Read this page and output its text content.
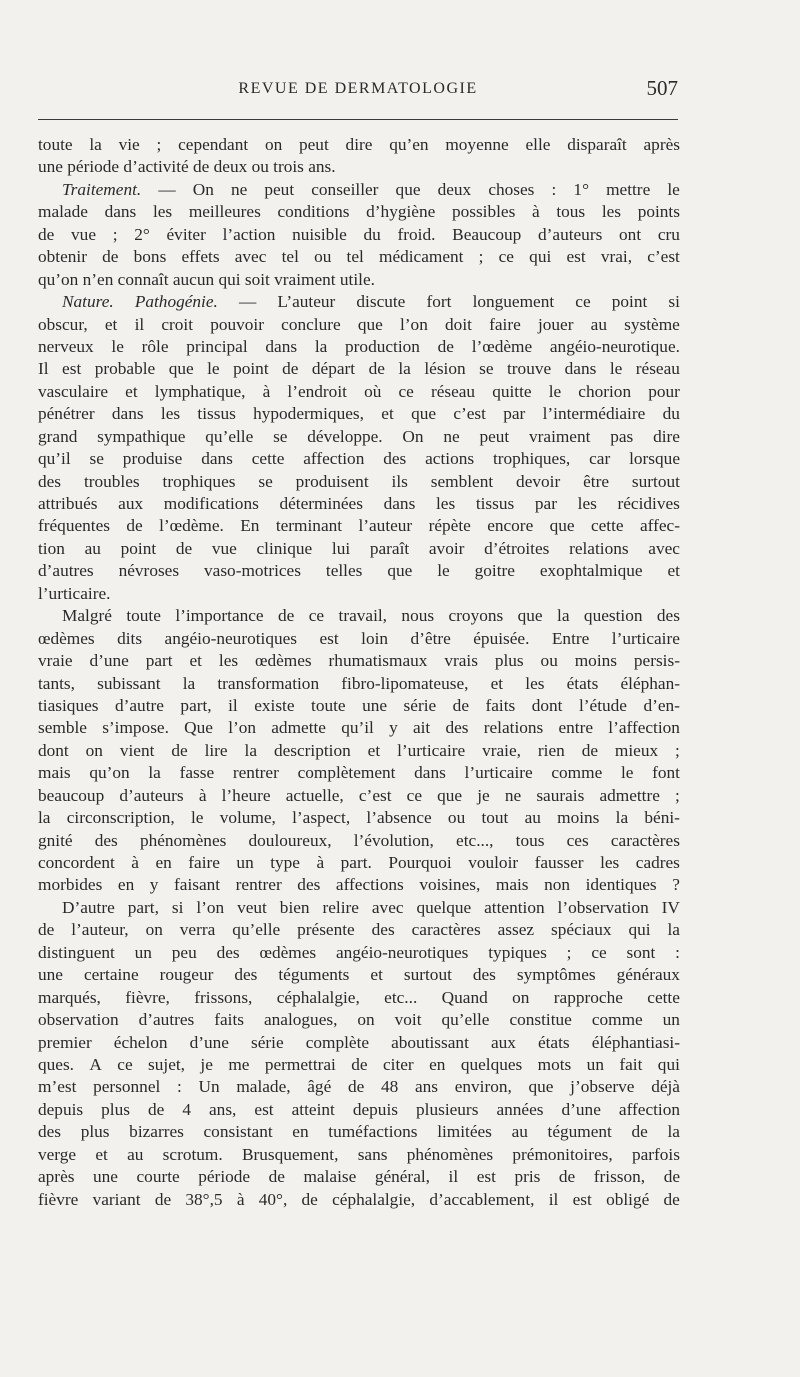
REVUE DE DERMATOLOGIE	507
toute la vie ; cependant on peut dire qu’en moyenne elle disparaît après
une période d’activité de deux ou trois ans.
Traitement. — On ne peut conseiller que deux choses : 1° mettre le
malade dans les meilleures conditions d’hygiène possibles à tous les points
de vue ; 2° éviter l’action nuisible du froid. Beaucoup d’auteurs ont cru
obtenir de bons effets avec tel ou tel médicament ; ce qui est vrai, c’est
qu’on n’en connaît aucun qui soit vraiment utile.
Nature. Pathogénie. — L’auteur discute fort longuement ce point si
obscur, et il croit pouvoir conclure que l’on doit faire jouer au système
nerveux le rôle principal dans la production de l’œdème angéio-neurotique.
Il est probable que le point de départ de la lésion se trouve dans le réseau
vasculaire et lymphatique, à l’endroit où ce réseau quitte le chorion pour
pénétrer dans les tissus hypodermiques, et que c’est par l’intermédiaire du
grand sympathique qu’elle se développe. On ne peut vraiment pas dire
qu’il se produise dans cette affection des actions trophiques, car lorsque
des troubles trophiques se produisent ils semblent devoir être surtout
attribués aux modifications déterminées dans les tissus par les récidives
fréquentes de l’œdème. En terminant l’auteur répète encore que cette affec-
tion au point de vue clinique lui paraît avoir d’étroites relations avec
d’autres névroses vaso-motrices telles que le goitre exophtalmique et
l’urticaire.
Malgré toute l’importance de ce travail, nous croyons que la question des
œdèmes dits angéio-neurotiques est loin d’être épuisée. Entre l’urticaire
vraie d’une part et les œdèmes rhumatismaux vrais plus ou moins persis-
tants, subissant la transformation fibro-lipomateuse, et les états éléphan-
tiasiques d’autre part, il existe toute une série de faits dont l’étude d’en-
semble s’impose. Que l’on admette qu’il y ait des relations entre l’affection
dont on vient de lire la description et l’urticaire vraie, rien de mieux ;
mais qu’on la fasse rentrer complètement dans l’urticaire comme le font
beaucoup d’auteurs à l’heure actuelle, c’est ce que je ne saurais admettre ;
la circonscription, le volume, l’aspect, l’absence ou tout au moins la béni-
gnité des phénomènes douloureux, l’évolution, etc..., tous ces caractères
concordent à en faire un type à part. Pourquoi vouloir fausser les cadres
morbides en y faisant rentrer des affections voisines, mais non identiques ?
D’autre part, si l’on veut bien relire avec quelque attention l’observation IV
de l’auteur, on verra qu’elle présente des caractères assez spéciaux qui la
distinguent un peu des œdèmes angéio-neurotiques typiques ; ce sont :
une certaine rougeur des téguments et surtout des symptômes généraux
marqués, fièvre, frissons, céphalalgie, etc... Quand on rapproche cette
observation d’autres faits analogues, on voit qu’elle constitue comme un
premier échelon d’une série complète aboutissant aux états éléphantiasi-
ques. A ce sujet, je me permettrai de citer en quelques mots un fait qui
m’est personnel : Un malade, âgé de 48 ans environ, que j’observe déjà
depuis plus de 4 ans, est atteint depuis plusieurs années d’une affection
des plus bizarres consistant en tuméfactions limitées au tégument de la
verge et au scrotum. Brusquement, sans phénomènes prémonitoires, parfois
après une courte période de malaise général, il est pris de frisson, de
fièvre variant de 38°,5 à 40°, de céphalalgie, d’accablement, il est obligé de
